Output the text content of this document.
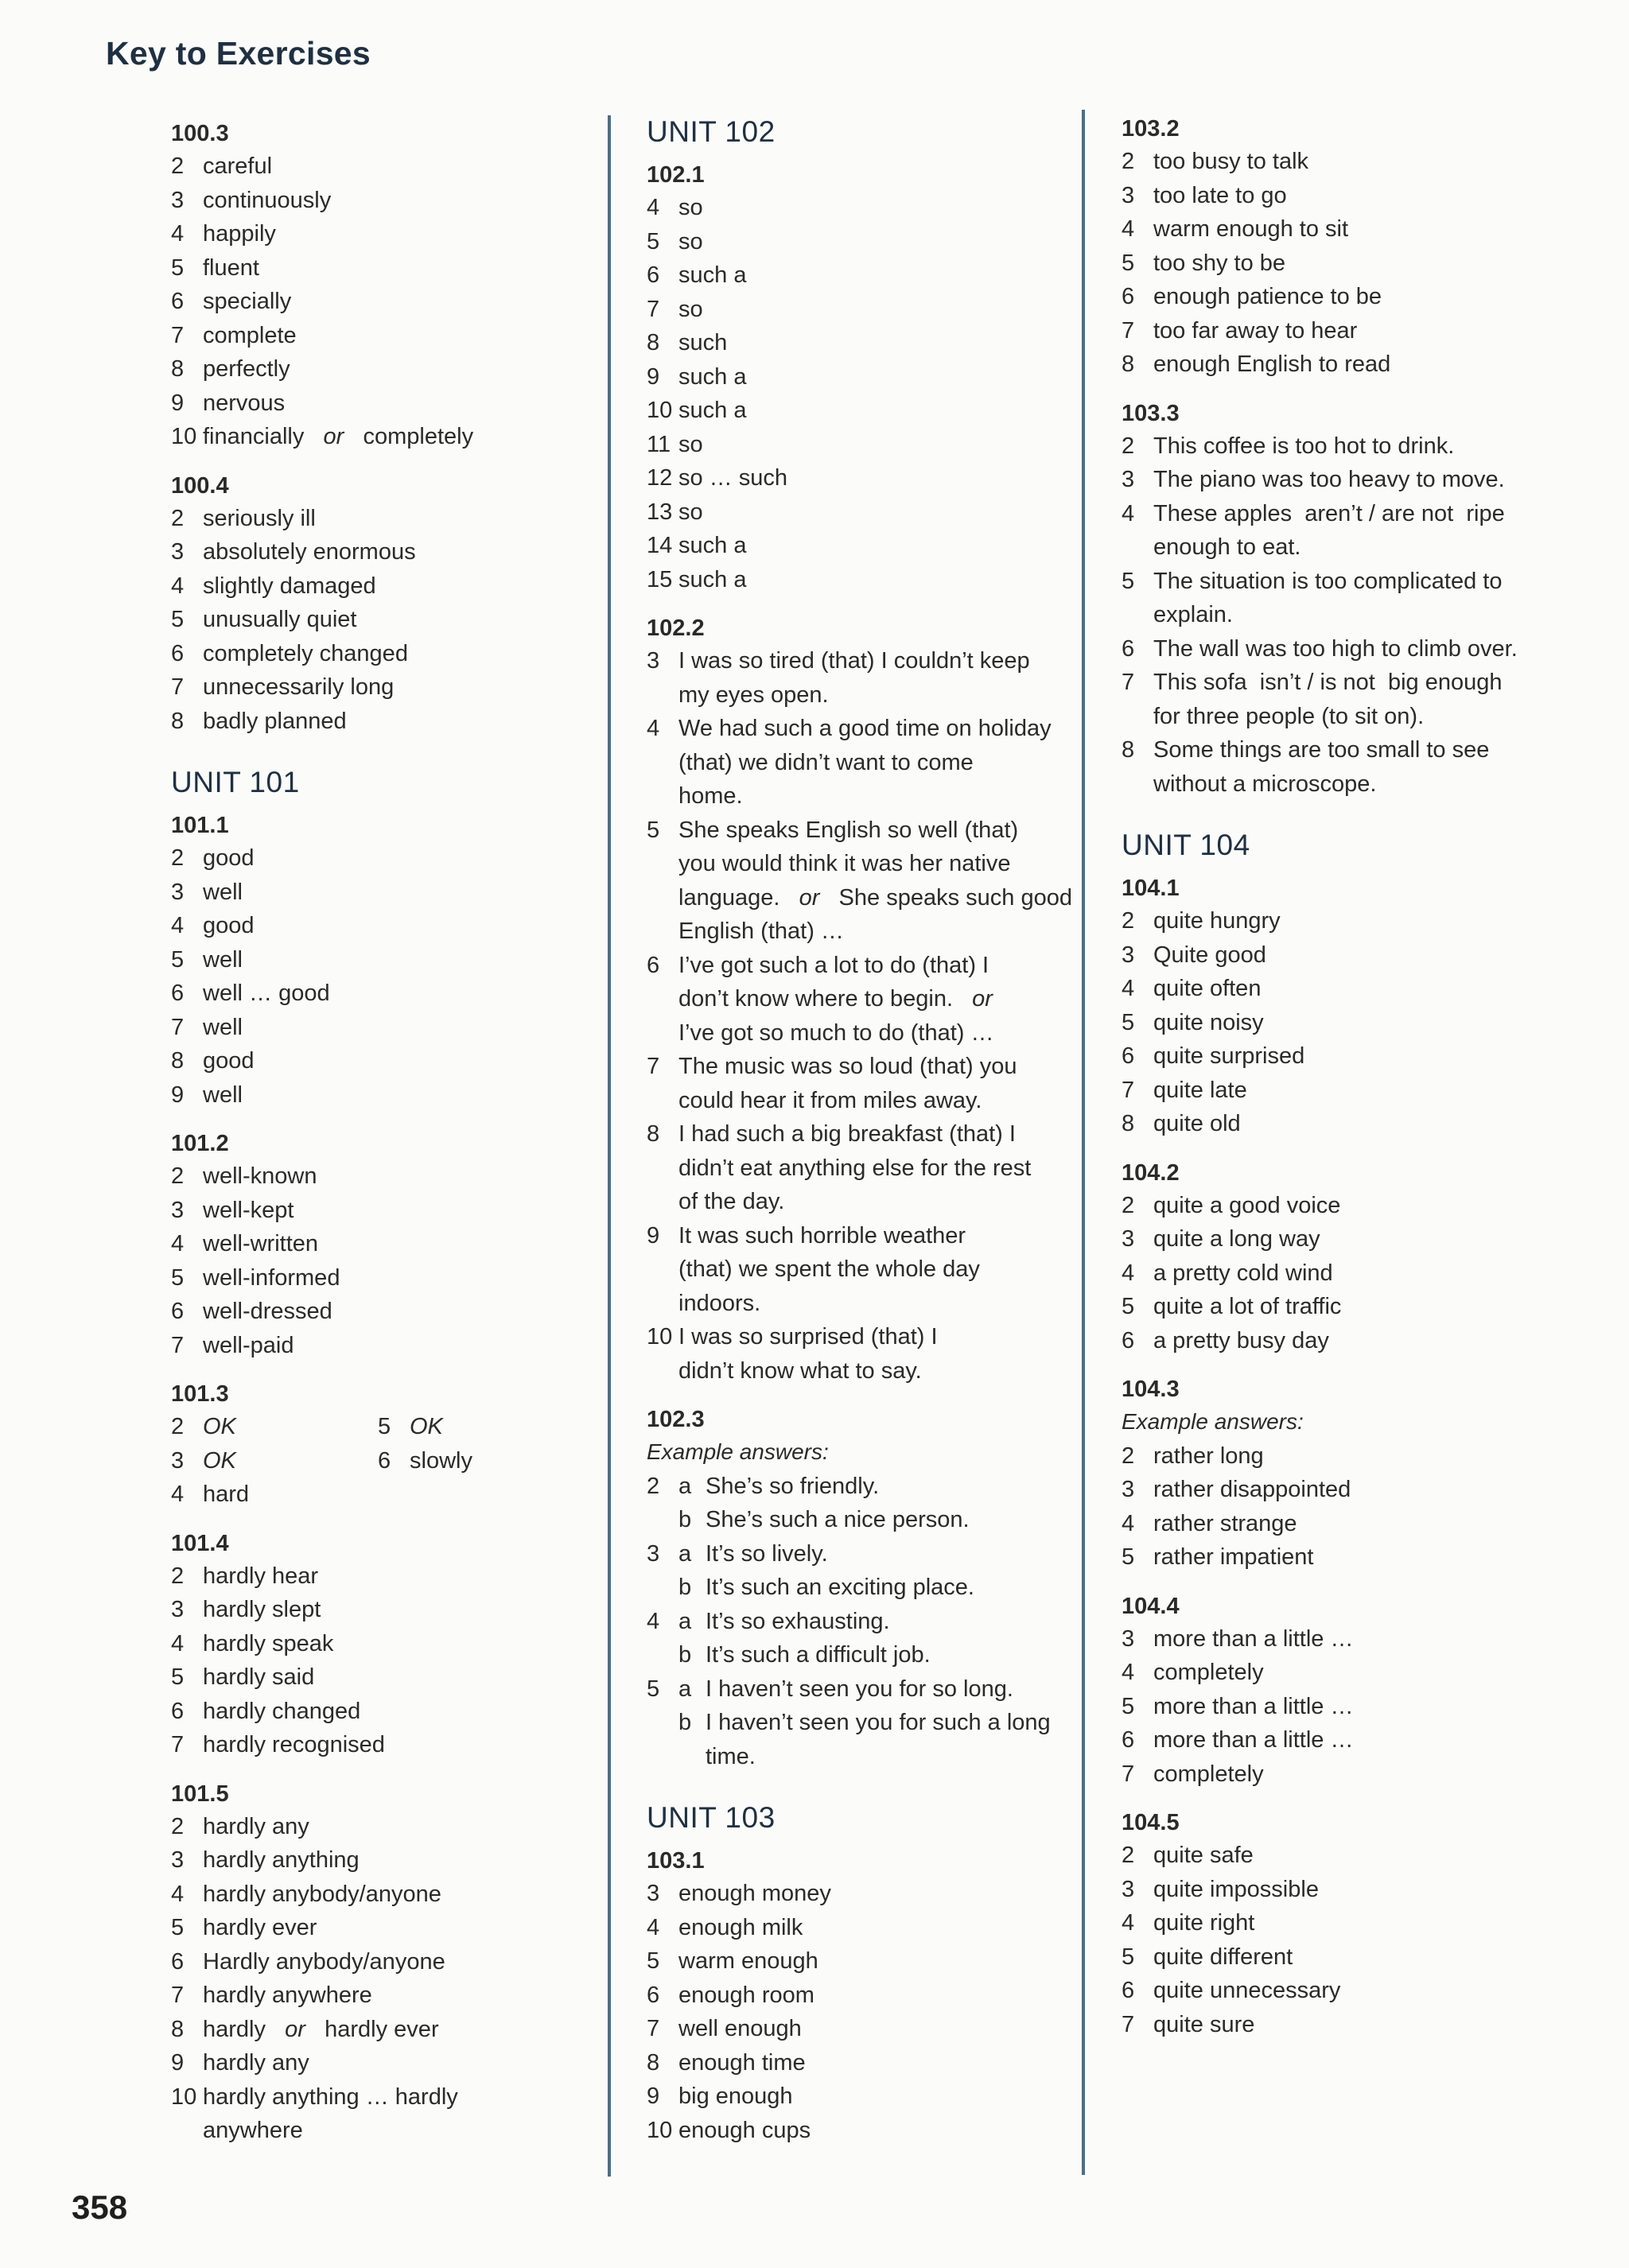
Key to Exercises
100.3
2 careful
3 continuously
4 happily
5 fluent
6 specially
7 complete
8 perfectly
9 nervous
10 financially or completely
100.4
2 seriously ill
3 absolutely enormous
4 slightly damaged
5 unusually quiet
6 completely changed
7 unnecessarily long
8 badly planned
UNIT 101
101.1
2 good
3 well
4 good
5 well
6 well … good
7 well
8 good
9 well
101.2
2 well-known
3 well-kept
4 well-written
5 well-informed
6 well-dressed
7 well-paid
101.3
2 OK	5 OK
3 OK	6 slowly
4 hard
101.4
2 hardly hear
3 hardly slept
4 hardly speak
5 hardly said
6 hardly changed
7 hardly recognised
101.5
2 hardly any
3 hardly anything
4 hardly anybody/anyone
5 hardly ever
6 Hardly anybody/anyone
7 hardly anywhere
8 hardly or hardly ever
9 hardly any
10 hardly anything … hardly
anywhere
UNIT 102
102.1
4 so
5 so
6 such a
7 so
8 such
9 such a
10 such a
11 so
12 so … such
13 so
14 such a
15 such a
102.2
3 I was so tired (that) I couldn’t keep
my eyes open.
4 We had such a good time on holiday
(that) we didn’t want to come
home.
5 She speaks English so well (that)
you would think it was her native
language. or She speaks such good
English (that) …
6 I’ve got such a lot to do (that) I
don’t know where to begin. or
I’ve got so much to do (that) …
7 The music was so loud (that) you
could hear it from miles away.
8 I had such a big breakfast (that) I
didn’t eat anything else for the rest
of the day.
9 It was such horrible weather
(that) we spent the whole day
indoors.
10 I was so surprised (that) I
didn’t know what to say.
102.3
Example answers:
2 a She’s so friendly.
b She’s such a nice person.
3 a It’s so lively.
b It’s such an exciting place.
4 a It’s so exhausting.
b It’s such a difficult job.
5 a I haven’t seen you for so long.
b I haven’t seen you for such a long
time.
UNIT 103
103.1
3 enough money
4 enough milk
5 warm enough
6 enough room
7 well enough
8 enough time
9 big enough
10 enough cups
103.2
2 too busy to talk
3 too late to go
4 warm enough to sit
5 too shy to be
6 enough patience to be
7 too far away to hear
8 enough English to read
103.3
2 This coffee is too hot to drink.
3 The piano was too heavy to move.
4 These apples  aren’t / are not  ripe
enough to eat.
5 The situation is too complicated to
explain.
6 The wall was too high to climb over.
7 This sofa  isn’t / is not  big enough
for three people (to sit on).
8 Some things are too small to see
without a microscope.
UNIT 104
104.1
2 quite hungry
3 Quite good
4 quite often
5 quite noisy
6 quite surprised
7 quite late
8 quite old
104.2
2 quite a good voice
3 quite a long way
4 a pretty cold wind
5 quite a lot of traffic
6 a pretty busy day
104.3
Example answers:
2 rather long
3 rather disappointed
4 rather strange
5 rather impatient
104.4
3 more than a little …
4 completely
5 more than a little …
6 more than a little …
7 completely
104.5
2 quite safe
3 quite impossible
4 quite right
5 quite different
6 quite unnecessary
7 quite sure
358
